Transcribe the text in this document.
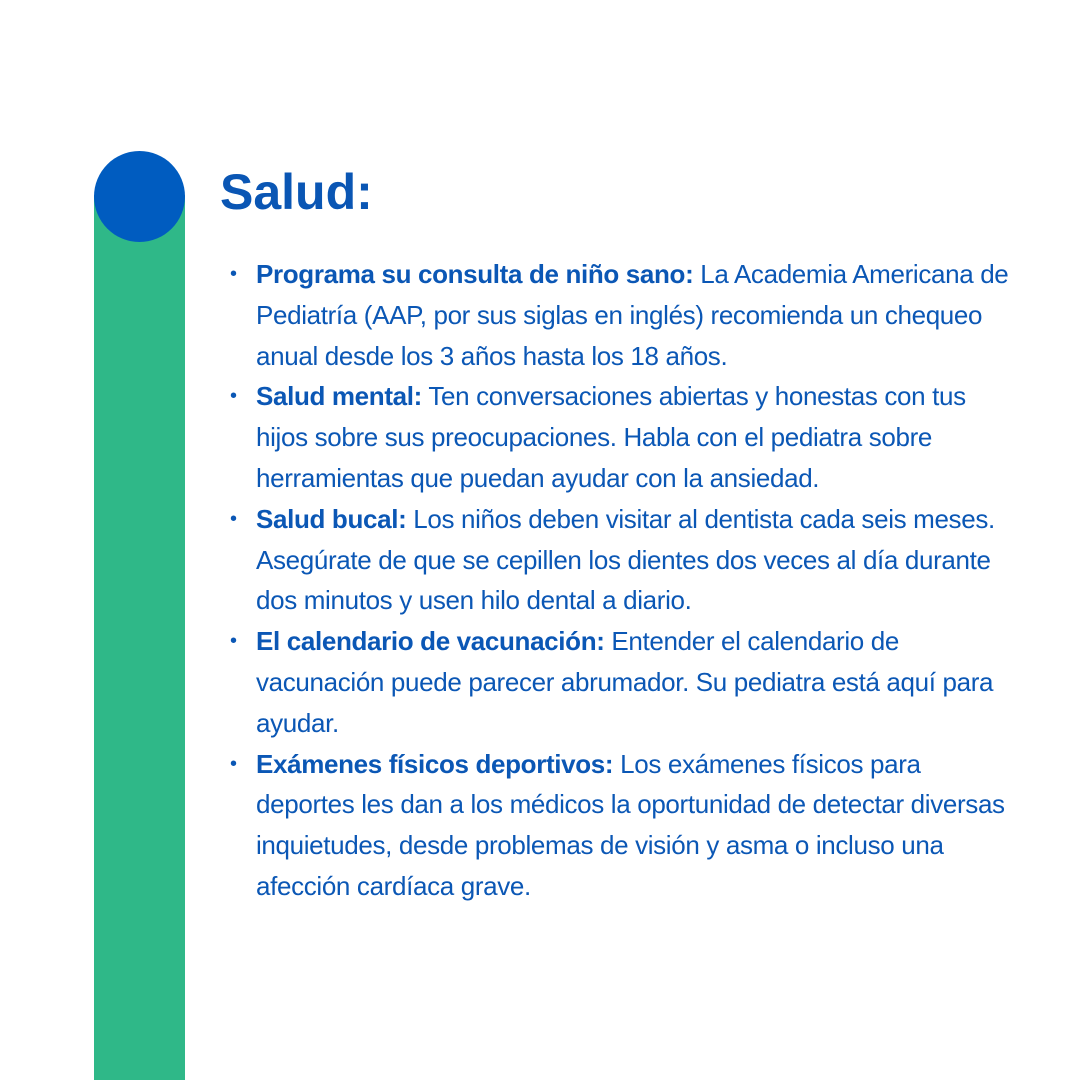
Salud:
• Programa su consulta de niño sano: La Academia Americana de Pediatría (AAP, por sus siglas en inglés) recomienda un chequeo anual desde los 3 años hasta los 18 años.
• Salud mental: Ten conversaciones abiertas y honestas con tus hijos sobre sus preocupaciones. Habla con el pediatra sobre herramientas que puedan ayudar con la ansiedad.
• Salud bucal: Los niños deben visitar al dentista cada seis meses. Asegúrate de que se cepillen los dientes dos veces al día durante dos minutos y usen hilo dental a diario.
• El calendario de vacunación: Entender el calendario de vacunación puede parecer abrumador. Su pediatra está aquí para ayudar.
• Exámenes físicos deportivos: Los exámenes físicos para deportes les dan a los médicos la oportunidad de detectar diversas inquietudes, desde problemas de visión y asma o incluso una afección cardíaca grave.
